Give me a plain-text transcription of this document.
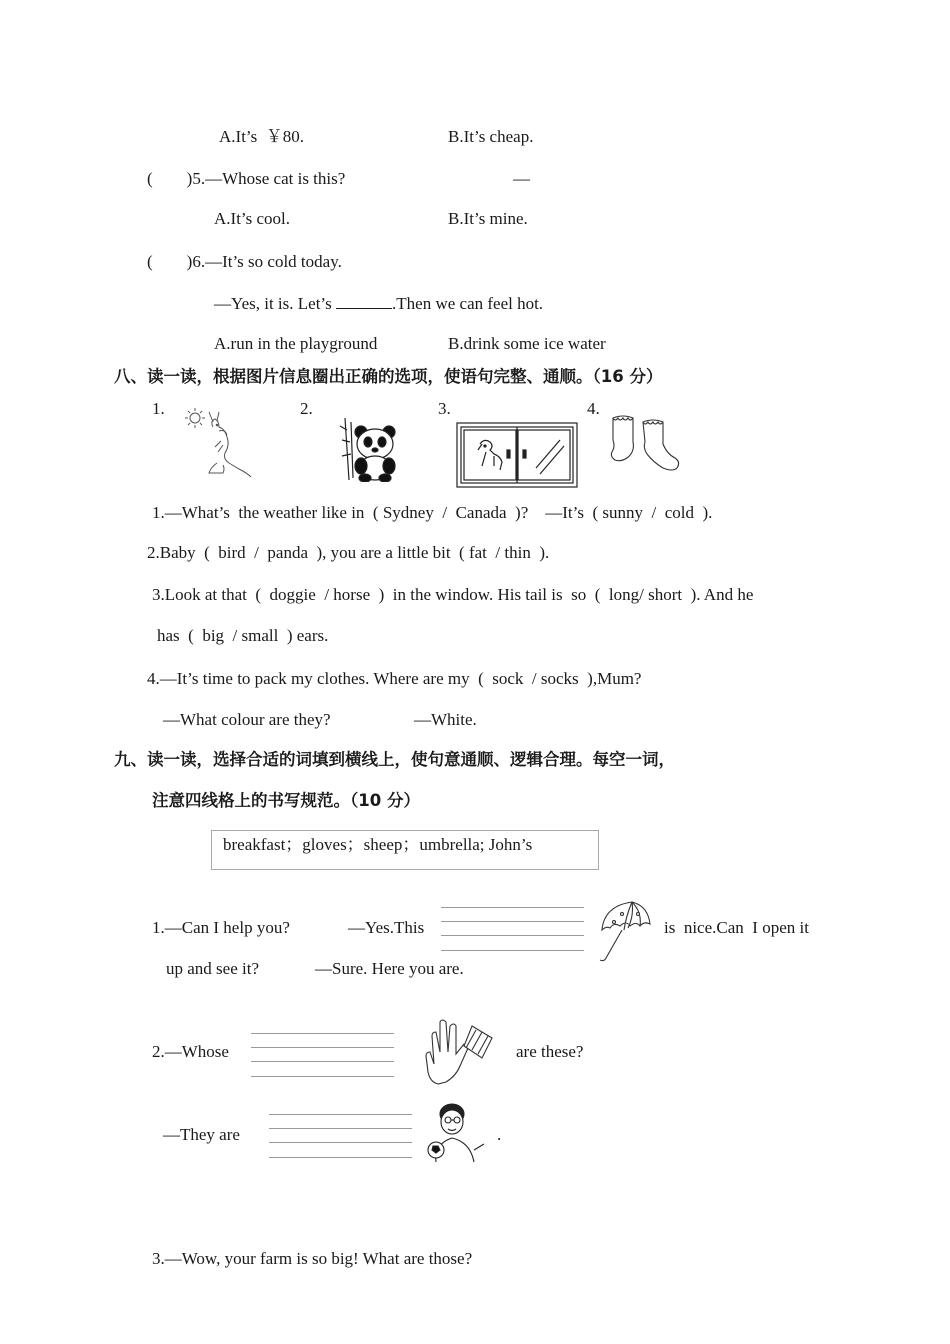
A.It’s  ￥80.	B.It’s cheap.
(        )5.—Whose cat is this?	—
A.It’s cool.	B.It’s mine.
(        )6.—It’s so cold today.
—Yes, it is. Let’s	.Then we can feel hot.
A.run in the playground	B.drink some ice water
八、读一读，根据图片信息圈出正确的选项，使语句完整、通顺。（16 分）
1.	2.	3.	4.
1.—What’s  the weather like in  ( Sydney  /  Canada  )?    —It’s  ( sunny  /  cold  ).
2.Baby  (  bird  /  panda  ), you are a little bit  ( fat  / thin  ).
3.Look at that  (  doggie  / horse  )  in the window. His tail is  so  (  long/ short  ). And he
has  (  big  / small  ) ears.
4.—It’s time to pack my clothes. Where are my  (  sock  / socks  ),Mum?
—What colour are they?	—White.
九、读一读，选择合适的词填到横线上，使句意通顺、逻辑合理。每空一词，
注意四线格上的书写规范。（10 分）
breakfast；gloves；sheep；umbrella; John’s
1.—Can I help you?	—Yes.This	is  nice.Can  I open it
up and see it?	—Sure. Here you are.
2.—Whose	are these?
—They are	.
3.—Wow, your farm is so big! What are those?
